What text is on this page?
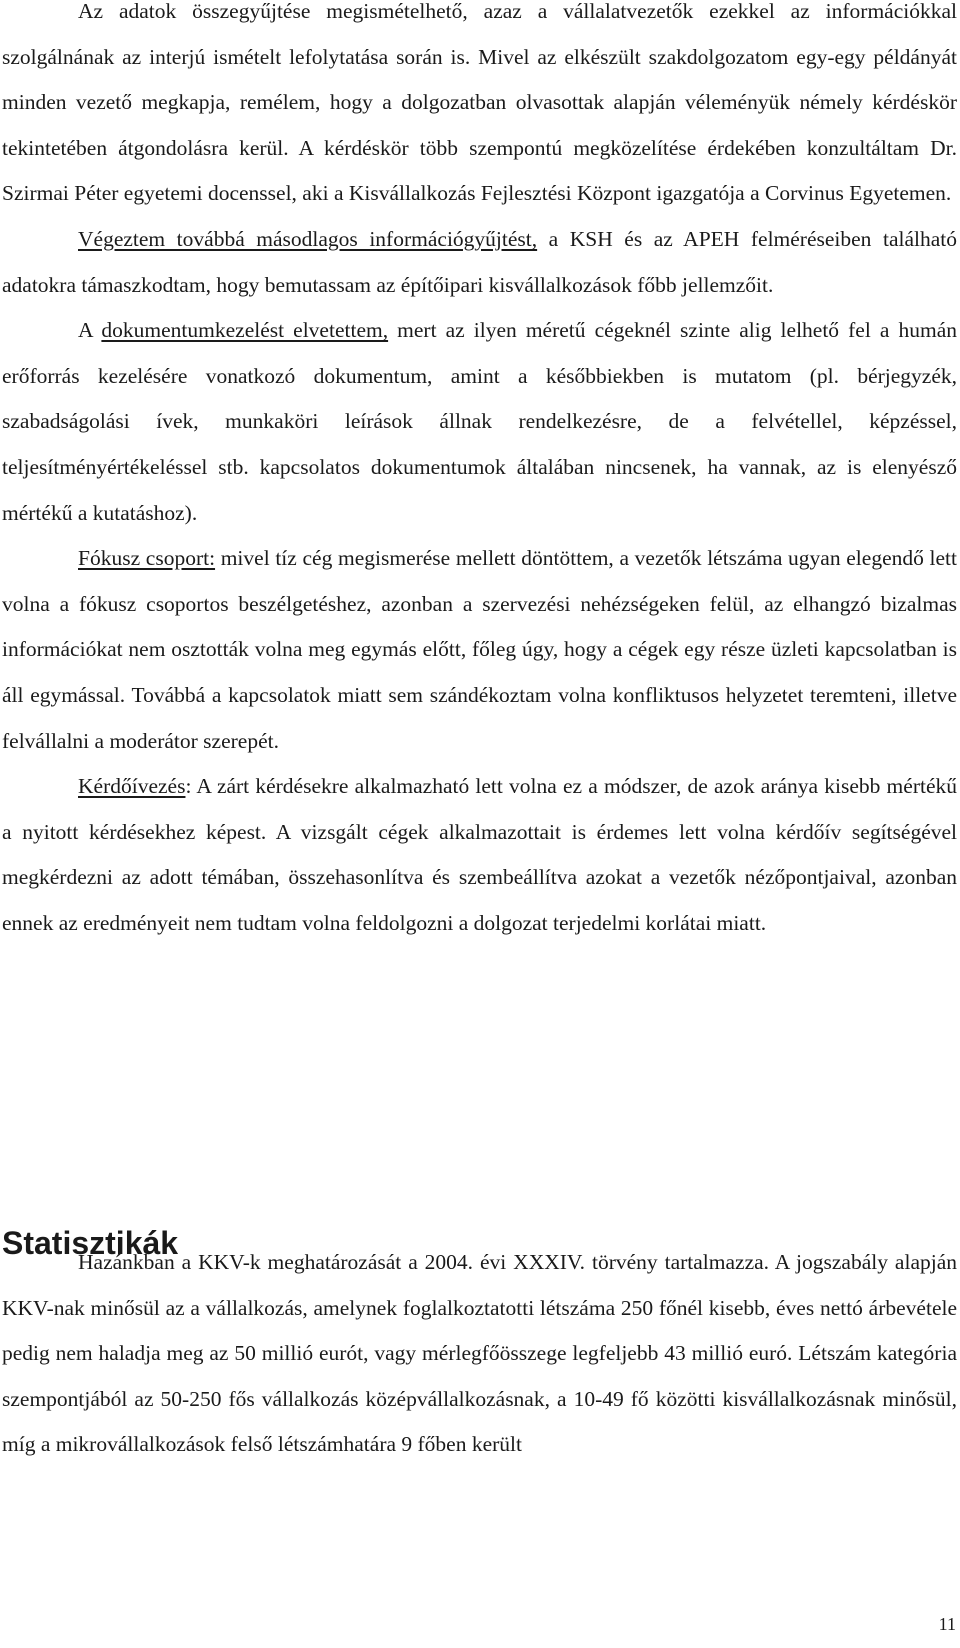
Az adatok összegyűjtése megismételhető, azaz a vállalatvezetők ezekkel az információkkal szolgálnának az interjú ismételt lefolytatása során is. Mivel az elkészült szakdolgozatom egy-egy példányát minden vezető megkapja, remélem, hogy a dolgozatban olvasottak alapján véleményük némely kérdéskör tekintetében átgondolásra kerül. A kérdéskör több szempontú megközelítése érdekében konzultáltam Dr. Szirmai Péter egyetemi docenssel, aki a Kisvállalkozás Fejlesztési Központ igazgatója a Corvinus Egyetemen.

Végeztem továbbá másodlagos információgyűjtést, a KSH és az APEH felméréseiben található adatokra támaszkodtam, hogy bemutassam az építőipari kisvállalkozások főbb jellemzőit.

A dokumentumkezelést elvetettem, mert az ilyen méretű cégeknél szinte alig lelhető fel a humán erőforrás kezelésére vonatkozó dokumentum, amint a későbbiekben is mutatom (pl. bérjegyzék, szabadságolási ívek, munkaköri leírások állnak rendelkezésre, de a felvétellel, képzéssel, teljesítményértékeléssel stb. kapcsolatos dokumentumok általában nincsenek, ha vannak, az is elenyésző mértékű a kutatáshoz).

Fókusz csoport: mivel tíz cég megismerése mellett döntöttem, a vezetők létszáma ugyan elegendő lett volna a fókusz csoportos beszélgetéshez, azonban a szervezési nehézségeken felül, az elhangzó bizalmas információkat nem osztották volna meg egymás előtt, főleg úgy, hogy a cégek egy része üzleti kapcsolatban is áll egymással. Továbbá a kapcsolatok miatt sem szándékoztam volna konfliktusos helyzetet teremteni, illetve felvállalni a moderátor szerepét.

Kérdőívezés: A zárt kérdésekre alkalmazható lett volna ez a módszer, de azok aránya kisebb mértékű a nyitott kérdésekhez képest. A vizsgált cégek alkalmazottait is érdemes lett volna kérdőív segítségével megkérdezni az adott témában, összehasonlítva és szembeállítva azokat a vezetők nézőpontjaival, azonban ennek az eredményeit nem tudtam volna feldolgozni a dolgozat terjedelmi korlátai miatt.

Statisztikák

Hazánkban a KKV-k meghatározását a 2004. évi XXXIV. törvény tartalmazza. A jogszabály alapján KKV-nak minősül az a vállalkozás, amelynek foglalkoztatotti létszáma 250 főnél kisebb, éves nettó árbevétele pedig nem haladja meg az 50 millió eurót, vagy mérlegfőösszege legfeljebb 43 millió euró. Létszám kategória szempontjából az 50-250 fős vállalkozás középvállalkozásnak, a 10-49 fő közötti kisvállalkozásnak minősül, míg a mikrovállalkozások felső létszámhatára 9 főben került

11
